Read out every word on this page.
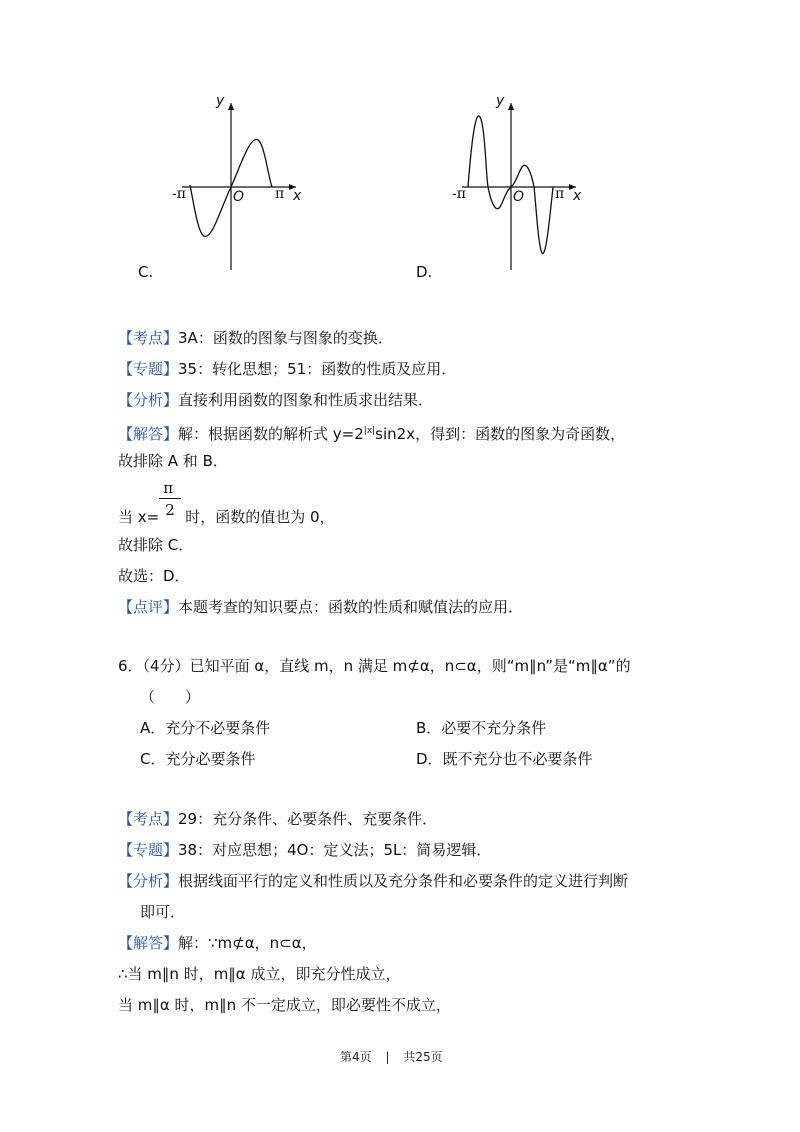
y
x
O
-π	π
C.
y
x
O
-π	π
D.
【考点】3A：函数的图象与图象的变换．
【专题】35：转化思想；51：函数的性质及应用．
【分析】直接利用函数的图象和性质求出结果．
【解答】解：根据函数的解析式 $y=2^{|x|}\sin 2x$，得到：函数的图象为奇函数，
故排除 A 和 B．
当 $x= \frac{\pi}{2}$ 时，函数的值也为 0，
故排除 C．
故选：D．
【点评】本题考查的知识要点：函数的性质和赋值法的应用．
6．（4分）已知平面 α，直线 m，n 满足 m⊄α，n⊂α，则“m∥n”是“m∥α”的
（　　）
A．充分不必要条件	B．必要不充分条件
C．充分必要条件	D．既不充分也不必要条件
【考点】29：充分条件、必要条件、充要条件．
【专题】38：对应思想；4O：定义法；5L：简易逻辑．
【分析】根据线面平行的定义和性质以及充分条件和必要条件的定义进行判断
即可．
【解答】解：∵m⊄α，n⊂α，
∴当 m∥n 时，m∥α 成立，即充分性成立，
当 m∥α 时，m∥n 不一定成立，即必要性不成立，
第4页 | 共25页
